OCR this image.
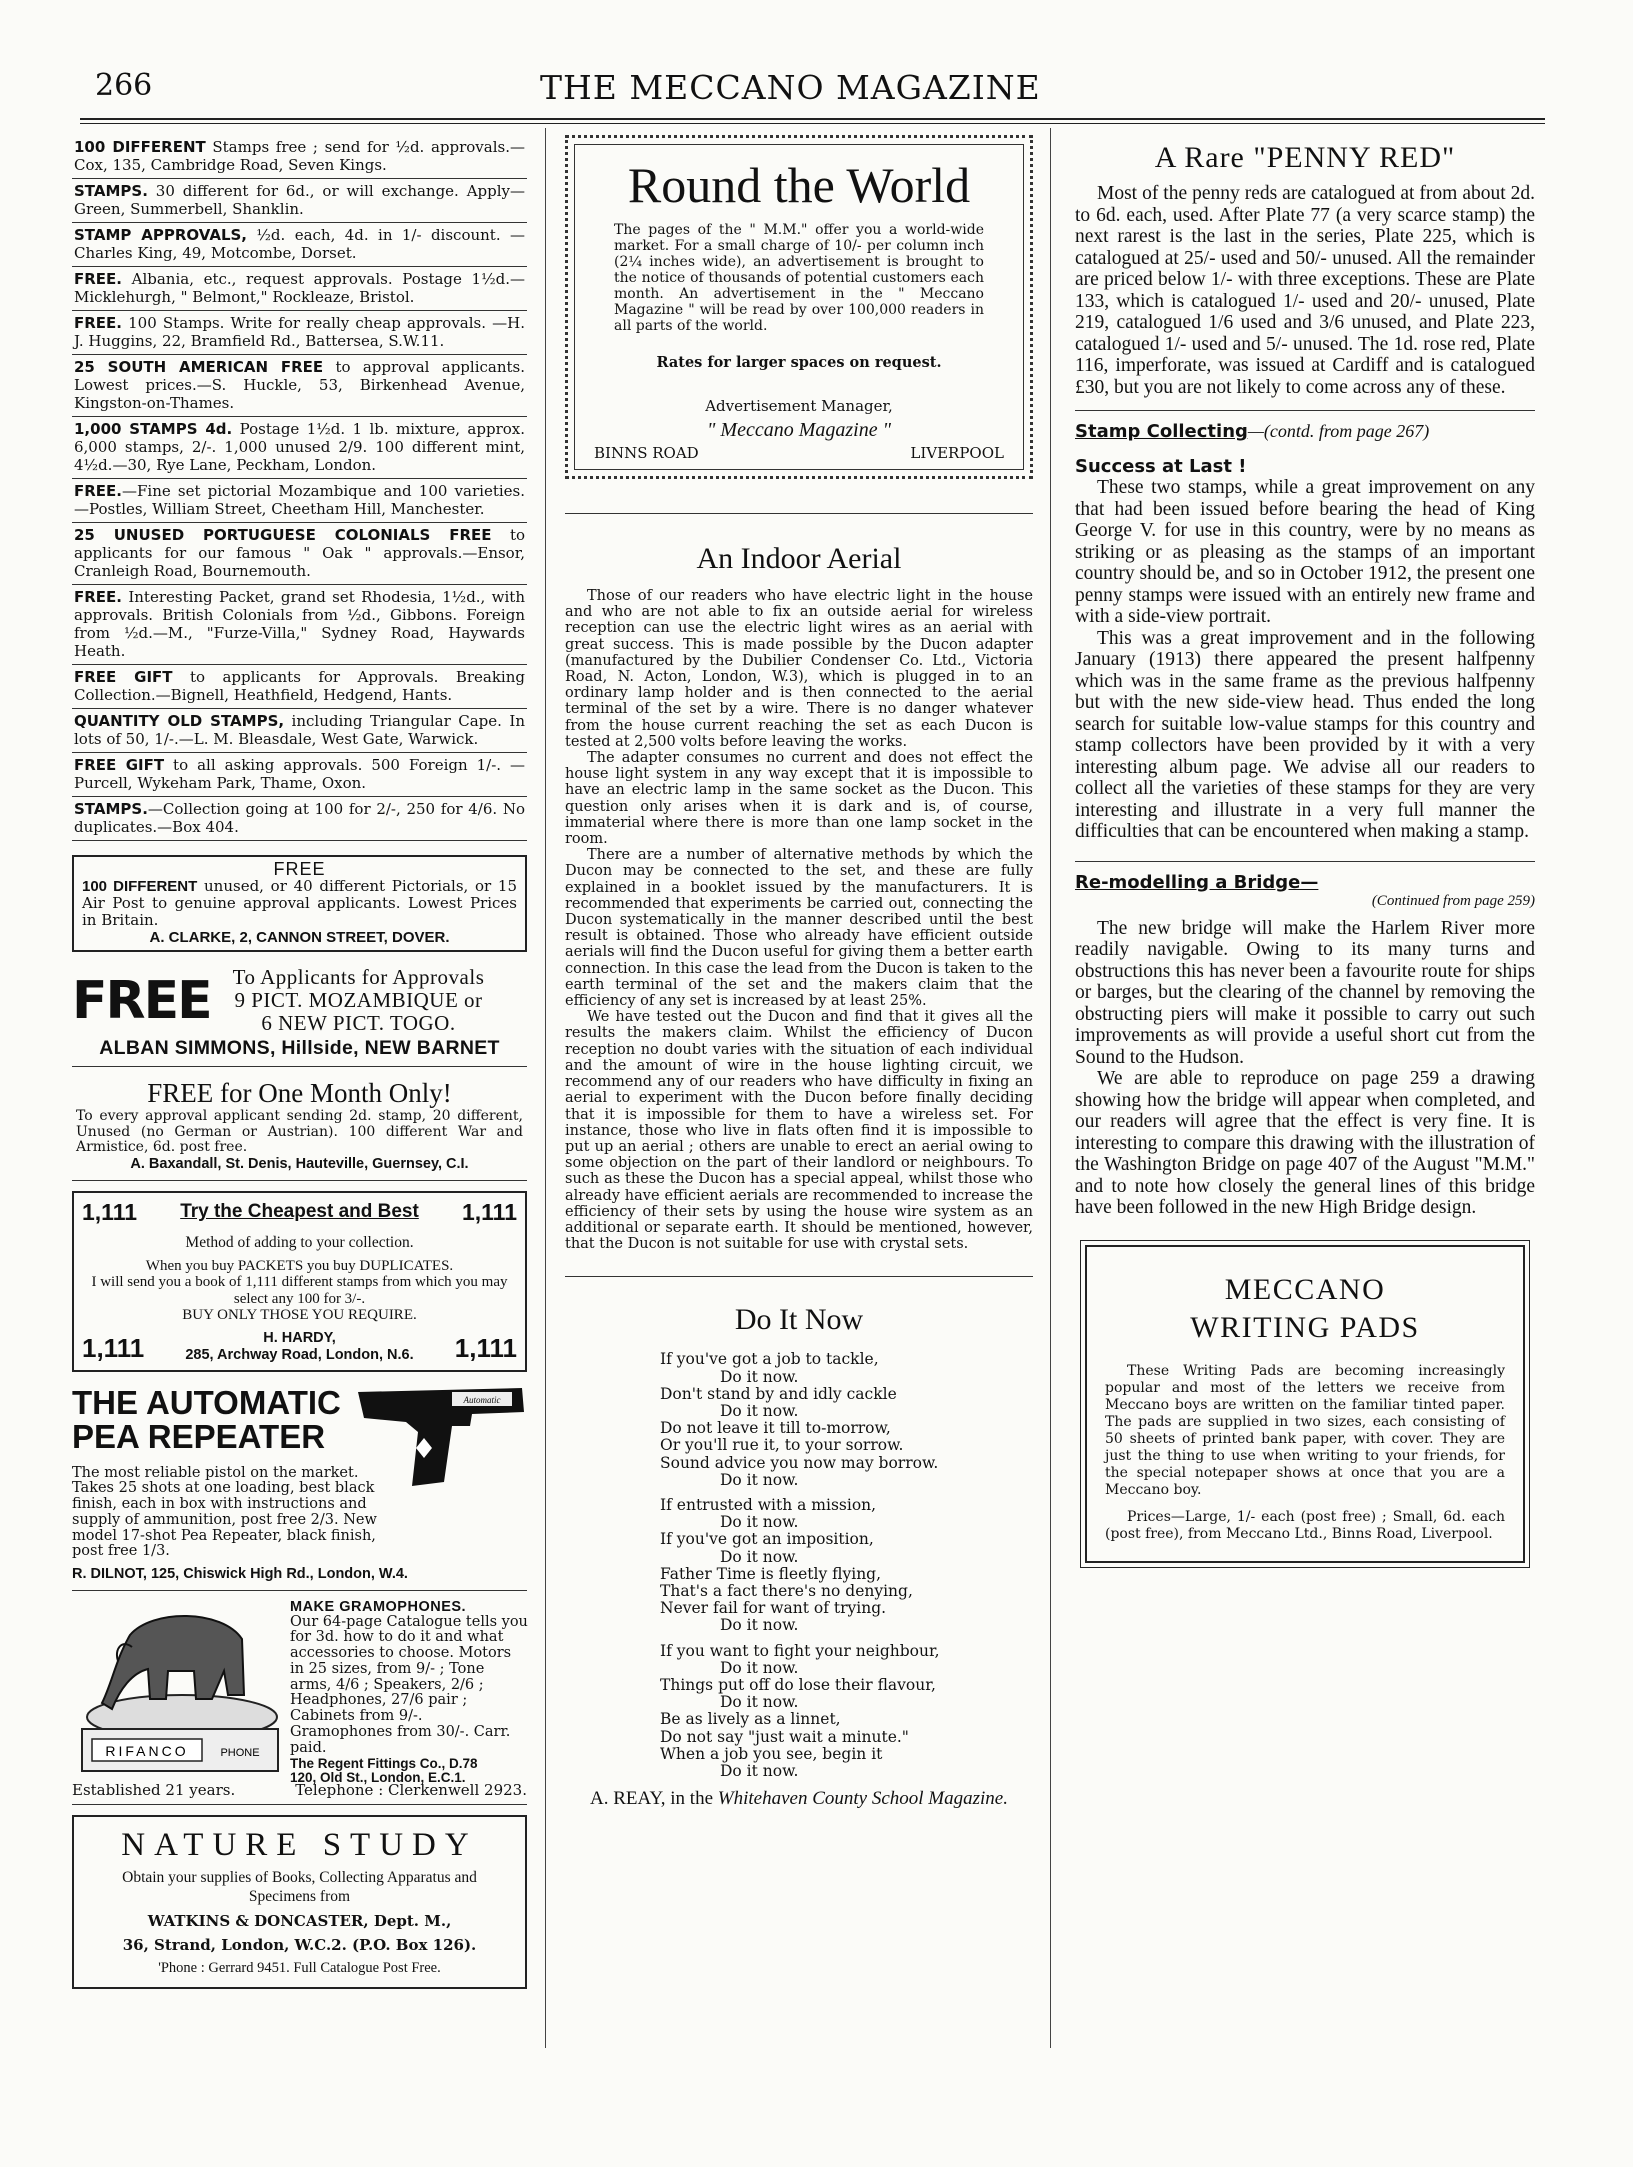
266	THE MECCANO MAGAZINE
100 DIFFERENT Stamps free ; send for ½d. approvals.—Cox, 135, Cambridge Road, Seven Kings.
STAMPS. 30 different for 6d., or will exchange. Apply—Green, Summerbell, Shanklin.
STAMP APPROVALS, ½d. each, 4d. in 1/- discount. —Charles King, 49, Motcombe, Dorset.
FREE. Albania, etc., request approvals. Postage 1½d.—Micklehurgh, " Belmont," Rockleaze, Bristol.
FREE. 100 Stamps. Write for really cheap approvals. —H. J. Huggins, 22, Bramfield Rd., Battersea, S.W.11.
25 SOUTH AMERICAN FREE to approval applicants. Lowest prices.—S. Huckle, 53, Birkenhead Avenue, Kingston-on-Thames.
1,000 STAMPS 4d. Postage 1½d. 1 lb. mixture, approx. 6,000 stamps, 2/-. 1,000 unused 2/9. 100 different mint, 4½d.—30, Rye Lane, Peckham, London.
FREE.—Fine set pictorial Mozambique and 100 varieties.—Postles, William Street, Cheetham Hill, Manchester.
25 UNUSED PORTUGUESE COLONIALS FREE to applicants for our famous " Oak " approvals.—Ensor, Cranleigh Road, Bournemouth.
FREE. Interesting Packet, grand set Rhodesia, 1½d., with approvals. British Colonials from ½d., Gibbons. Foreign from ½d.—M., "Furze-Villa," Sydney Road, Haywards Heath.
FREE GIFT to applicants for Approvals. Breaking Collection.—Bignell, Heathfield, Hedgend, Hants.
QUANTITY OLD STAMPS, including Triangular Cape. In lots of 50, 1/-.—L. M. Bleasdale, West Gate, Warwick.
FREE GIFT to all asking approvals. 500 Foreign 1/-. —Purcell, Wykeham Park, Thame, Oxon.
STAMPS.—Collection going at 100 for 2/-, 250 for 4/6. No duplicates.—Box 404.
FREE
100 DIFFERENT unused, or 40 different Pictorials, or 15 Air Post to genuine approval applicants. Lowest Prices in Britain.
A. CLARKE, 2, CANNON STREET, DOVER.
FREE	To Applicants for Approvals
9 PICT. MOZAMBIQUE or
6 NEW PICT. TOGO.
ALBAN SIMMONS, Hillside, NEW BARNET
FREE for One Month Only!
To every approval applicant sending 2d. stamp, 20 different, Unused (no German or Austrian). 100 different War and Armistice, 6d. post free.
A. Baxandall, St. Denis, Hauteville, Guernsey, C.I.
1,111 Try the Cheapest and Best 1,111
Method of adding to your collection.
When you buy PACKETS you buy DUPLICATES.
I will send you a book of 1,111 different stamps from which you may select any 100 for 3/-.
BUY ONLY THOSE YOU REQUIRE.
1,111	H. HARDY,
285, Archway Road, London, N.6. 1,111
THE AUTOMATIC
PEA REPEATER
Automatic
The most reliable pistol on the market. Takes 25 shots at one loading, best black finish, each in box with instructions and supply of ammunition, post free 2/3. New model 17-shot Pea Repeater, black finish, post free 1/3.
R. DILNOT, 125, Chiswick High Rd., London, W.4.
RIFANCO	PHONE
MAKE GRAMOPHONES.
Our 64-page Catalogue tells you for 3d. how to do it and what accessories to choose. Motors in 25 sizes, from 9/- ; Tone arms, 4/6 ; Speakers, 2/6 ; Headphones, 27/6 pair ; Cabinets from 9/-. Gramophones from 30/-. Carr. paid.
The Regent Fittings Co., D.78
120, Old St., London, E.C.1.
Established 21 years.	Telephone : Clerkenwell 2923.
NATURE STUDY
Obtain your supplies of Books, Collecting Apparatus and Specimens from
WATKINS & DONCASTER, Dept. M.,
36, Strand, London, W.C.2. (P.O. Box 126).
'Phone : Gerrard 9451. Full Catalogue Post Free.
Round the World
The pages of the " M.M." offer you a world-wide market. For a small charge of 10/- per column inch (2¼ inches wide), an advertisement is brought to the notice of thousands of potential customers each month. An advertisement in the " Meccano Magazine " will be read by over 100,000 readers in all parts of the world.
Rates for larger spaces on request.
Advertisement Manager,
" Meccano Magazine "
BINNS ROAD	LIVERPOOL
An Indoor Aerial
Those of our readers who have electric light in the house and who are not able to fix an outside aerial for wireless reception can use the electric light wires as an aerial with great success. This is made possible by the Ducon adapter (manufactured by the Dubilier Condenser Co. Ltd., Victoria Road, N. Acton, London, W.3), which is plugged in to an ordinary lamp holder and is then connected to the aerial terminal of the set by a wire. There is no danger whatever from the house current reaching the set as each Ducon is tested at 2,500 volts before leaving the works.
The adapter consumes no current and does not effect the house light system in any way except that it is impossible to have an electric lamp in the same socket as the Ducon. This question only arises when it is dark and is, of course, immaterial where there is more than one lamp socket in the room.
There are a number of alternative methods by which the Ducon may be connected to the set, and these are fully explained in a booklet issued by the manufacturers. It is recommended that experiments be carried out, connecting the Ducon systematically in the manner described until the best result is obtained. Those who already have efficient outside aerials will find the Ducon useful for giving them a better earth connection. In this case the lead from the Ducon is taken to the earth terminal of the set and the makers claim that the efficiency of any set is increased by at least 25%.
We have tested out the Ducon and find that it gives all the results the makers claim. Whilst the efficiency of Ducon reception no doubt varies with the situation of each individual and the amount of wire in the house lighting circuit, we recommend any of our readers who have difficulty in fixing an aerial to experiment with the Ducon before finally deciding that it is impossible for them to have a wireless set. For instance, those who live in flats often find it is impossible to put up an aerial ; others are unable to erect an aerial owing to some objection on the part of their landlord or neighbours. To such as these the Ducon has a special appeal, whilst those who already have efficient aerials are recommended to increase the efficiency of their sets by using the house wire system as an additional or separate earth. It should be mentioned, however, that the Ducon is not suitable for use with crystal sets.
Do It Now
If you've got a job to tackle,
Do it now.
Don't stand by and idly cackle
Do it now.
Do not leave it till to-morrow,
Or you'll rue it, to your sorrow.
Sound advice you now may borrow.
Do it now.
If entrusted with a mission,
Do it now.
If you've got an imposition,
Do it now.
Father Time is fleetly flying,
That's a fact there's no denying,
Never fail for want of trying.
Do it now.
If you want to fight your neighbour,
Do it now.
Things put off do lose their flavour,
Do it now.
Be as lively as a linnet,
Do not say "just wait a minute."
When a job you see, begin it
Do it now.
A. REAY, in the Whitehaven County School Magazine.
A Rare "PENNY RED"
Most of the penny reds are catalogued at from about 2d. to 6d. each, used. After Plate 77 (a very scarce stamp) the next rarest is the last in the series, Plate 225, which is catalogued at 25/- used and 50/- unused. All the remainder are priced below 1/- with three exceptions. These are Plate 133, which is catalogued 1/- used and 20/- unused, Plate 219, catalogued 1/6 used and 3/6 unused, and Plate 223, catalogued 1/- used and 5/- unused. The 1d. rose red, Plate 116, imperforate, was issued at Cardiff and is catalogued £30, but you are not likely to come across any of these.
Stamp Collecting—(contd. from page 267)
Success at Last !
These two stamps, while a great improvement on any that had been issued before bearing the head of King George V. for use in this country, were by no means as striking or as pleasing as the stamps of an important country should be, and so in October 1912, the present one penny stamps were issued with an entirely new frame and with a side-view portrait.
This was a great improvement and in the following January (1913) there appeared the present halfpenny which was in the same frame as the previous halfpenny but with the new side-view head. Thus ended the long search for suitable low-value stamps for this country and stamp collectors have been provided by it with a very interesting album page. We advise all our readers to collect all the varieties of these stamps for they are very interesting and illustrate in a very full manner the difficulties that can be encountered when making a stamp.
Re-modelling a Bridge—
(Continued from page 259)
The new bridge will make the Harlem River more readily navigable. Owing to its many turns and obstructions this has never been a favourite route for ships or barges, but the clearing of the channel by removing the obstructing piers will make it possible to carry out such improvements as will provide a useful short cut from the Sound to the Hudson.
We are able to reproduce on page 259 a drawing showing how the bridge will appear when completed, and our readers will agree that the effect is very fine. It is interesting to compare this drawing with the illustration of the Washington Bridge on page 407 of the August "M.M." and to note how closely the general lines of this bridge have been followed in the new High Bridge design.
MECCANO
WRITING PADS
These Writing Pads are becoming increasingly popular and most of the letters we receive from Meccano boys are written on the familiar tinted paper. The pads are supplied in two sizes, each consisting of 50 sheets of printed bank paper, with cover. They are just the thing to use when writing to your friends, for the special notepaper shows at once that you are a Meccano boy.
Prices—Large, 1/- each (post free) ; Small, 6d. each (post free), from Meccano Ltd., Binns Road, Liverpool.
